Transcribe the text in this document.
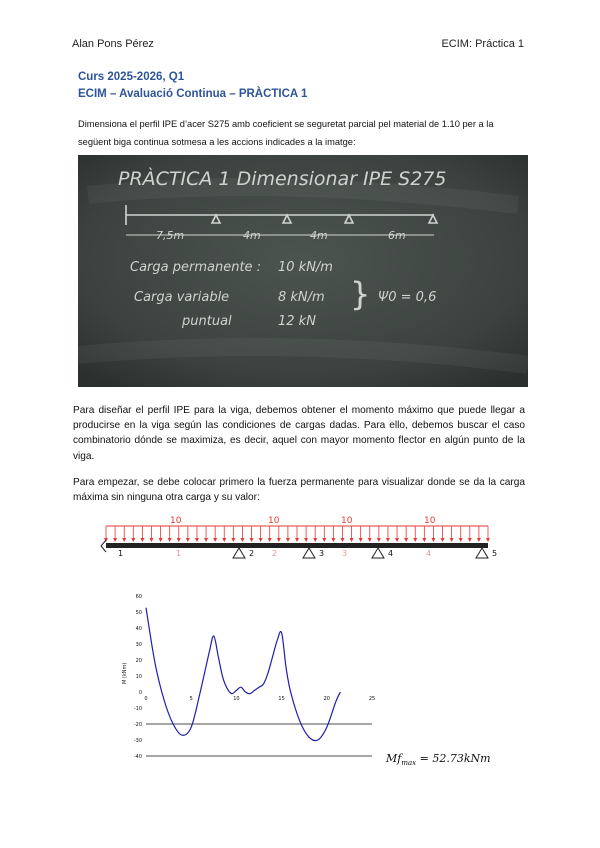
Alan Pons Pérez	ECIM: Práctica 1
Curs 2025-2026, Q1
ECIM – Avaluació Continua – PRÀCTICA 1
Dimensiona el perfil IPE d’acer S275 amb coeficient se seguretat parcial pel material de 1.10 per a la següent biga continua sotmesa a les accions indicades a la imatge:
PRÀCTICA 1 Dimensionar IPE S275
7,5m	4m	4m	6m
Carga permanente : 10 kN/m
Carga variable	8 kN/m
puntual	12 kN
} Ψ0 = 0,6
Para diseñar el perfil IPE para la viga, debemos obtener el momento máximo que puede llegar a producirse en la viga según las condiciones de cargas dadas. Para ello, debemos buscar el caso combinatorio dónde se maximiza, es decir, aquel con mayor momento flector en algún punto de la viga.
Para empezar, se debe colocar primero la fuerza permanente para visualizar donde se da la carga máxima sin ninguna otra carga y su valor:
10	10	10	10
1	2	3	4
1	2	3	4	5
60
50
40
30
20
10
0
-10
-20
-30
-40
0	5	10	15	20	25
M (kNm)
$Mf_{max} = 52.73kNm$
